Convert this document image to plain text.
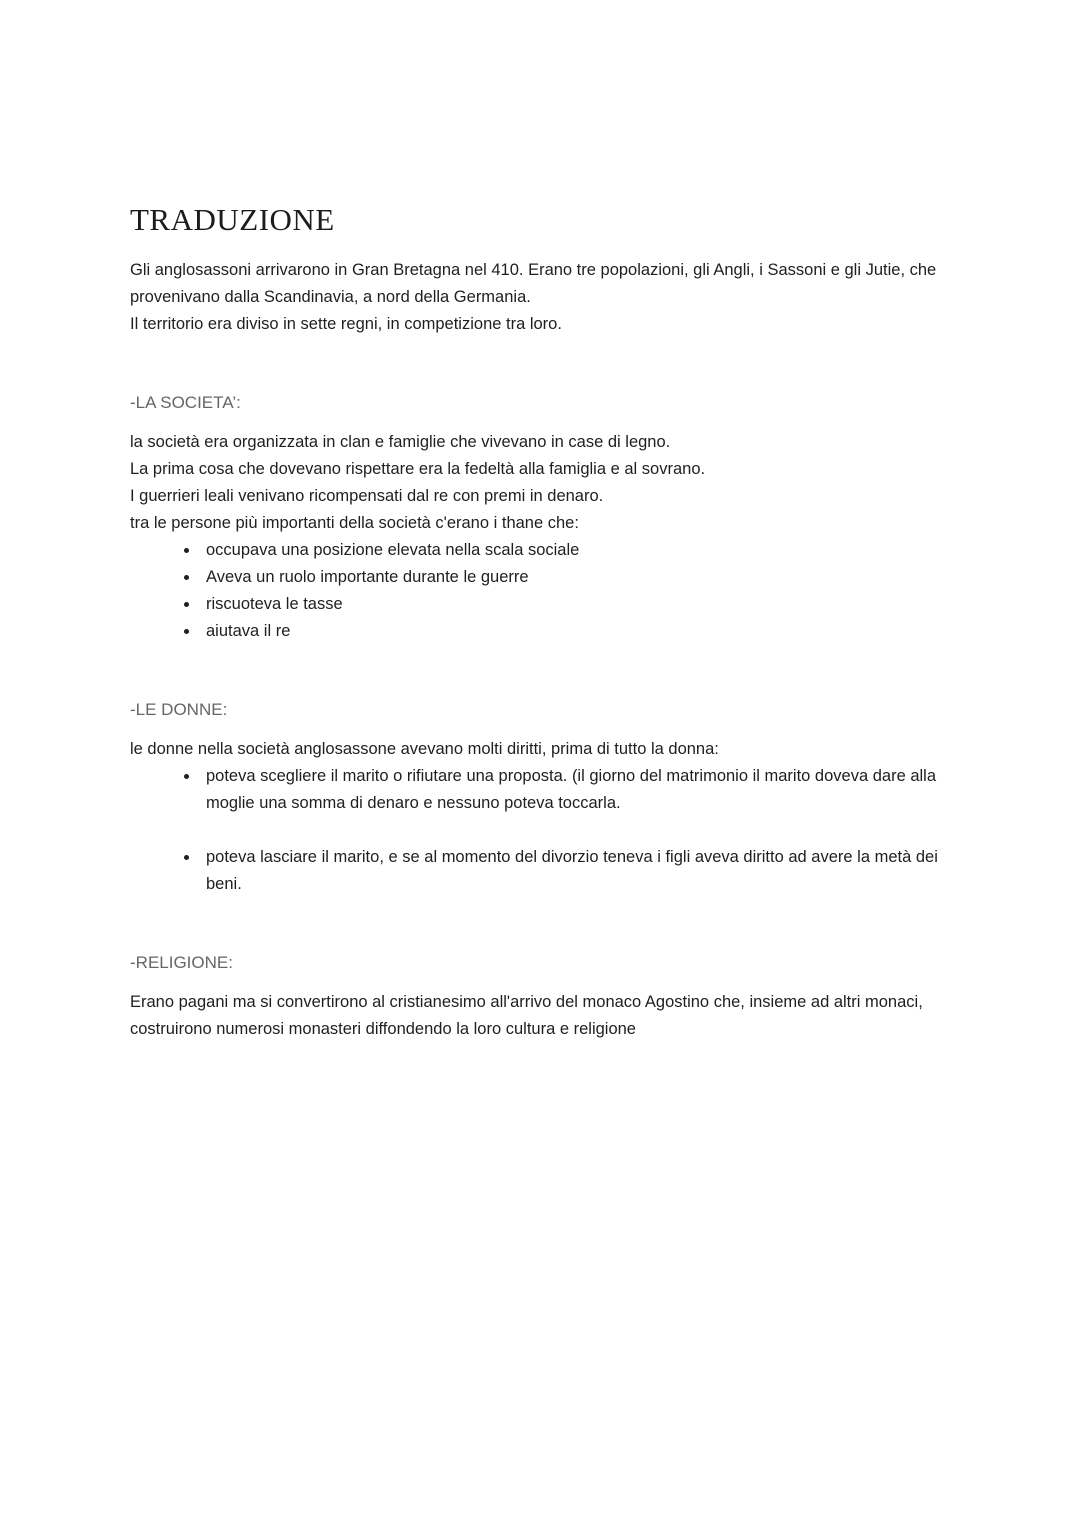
TRADUZIONE

Gli anglosassoni arrivarono in Gran Bretagna nel 410. Erano tre popolazioni, gli Angli, i Sassoni e gli Jutie, che provenivano dalla Scandinavia, a nord della Germania.

Il territorio era diviso in sette regni, in competizione tra loro.

-LA SOCIETA’:

la società era organizzata in clan e famiglie che vivevano in case di legno.

La prima cosa che dovevano rispettare era la fedeltà alla famiglia e al sovrano.

I guerrieri leali venivano ricompensati dal re con premi in denaro.

tra le persone più importanti della società c'erano i thane che:

• occupava una posizione elevata nella scala sociale
• Aveva un ruolo importante durante le guerre
• riscuoteva le tasse
• aiutava il re
-LE DONNE:

le donne nella società anglosassone avevano molti diritti, prima di tutto la donna:

• poteva scegliere il marito o rifiutare una proposta. (il giorno del matrimonio il marito doveva dare alla moglie una somma di denaro e nessuno poteva toccarla.
• poteva lasciare il marito, e se al momento del divorzio teneva i figli aveva diritto ad avere la metà dei beni.
-RELIGIONE:

Erano pagani ma si convertirono al cristianesimo all'arrivo del monaco Agostino che, insieme ad altri monaci, costruirono numerosi monasteri diffondendo la loro cultura e religione
